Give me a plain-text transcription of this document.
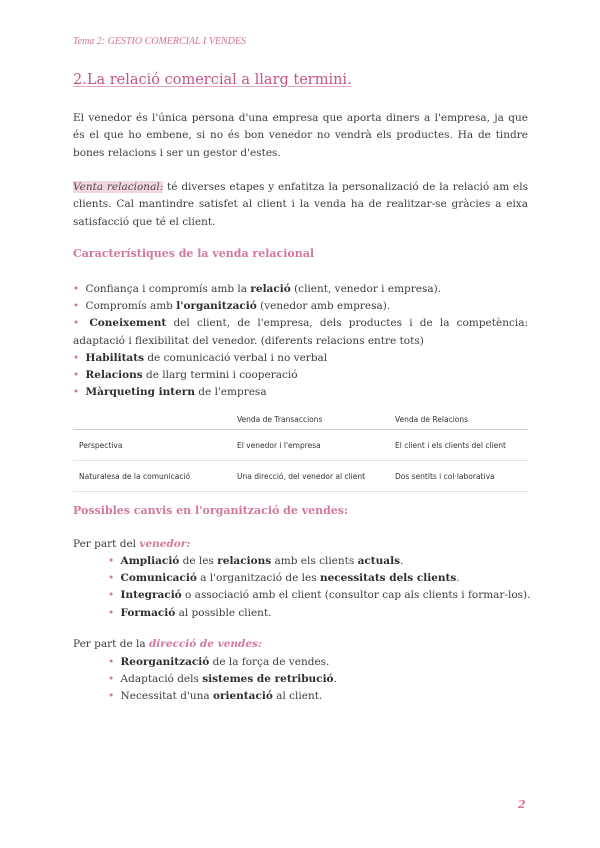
Tema 2: GESTIO COMERCIAL I VENDES
2.La relació comercial a llarg termini.

El venedor és l'única persona d'una empresa que aporta diners a l'empresa, ja que és el que ho embene, si no és bon venedor no vendrà els productes. Ha de tindre bones relacions i ser un gestor d'estes.

Venta relacional: té diverses etapes y enfatitza la personalizació de la relació am els clients. Cal mantindre satisfet al client i la venda ha de realitzar-se gràcies a eixa satisfacció que té el client.

Característiques de la venda relacional
• Confiança i compromís amb la relació (client, venedor i empresa).
• Compromís amb l'organització (venedor amb empresa).
• Coneixement del client, de l'empresa, dels productes i de la competència: adaptació i flexibilitat del venedor. (diferents relacions entre tots)
• Habilitats de comunicació verbal i no verbal
• Relacions de llarg termini i cooperació
• Màrqueting intern de l'empresa
	Venda de Transaccions	Venda de Relacions
Perspectiva	El venedor i l'empresa	El client i els clients del client
Naturalesa de la comunicació	Una direcció, del venedor al client	Dos sentits i col·laborativa
Possibles canvis en l'organització de vendes:
Per part del venedor:
• Ampliació de les relacions amb els clients actuals.
• Comunicació a l'organització de les necessitats dels clients.
• Integració o associació amb el client (consultor cap als clients i formar-los).
• Formació al possible client.
Per part de la direcció de vendes:
• Reorganització de la força de vendes.
• Adaptació dels sistemes de retribució.
• Necessitat d'una orientació al client.
2
